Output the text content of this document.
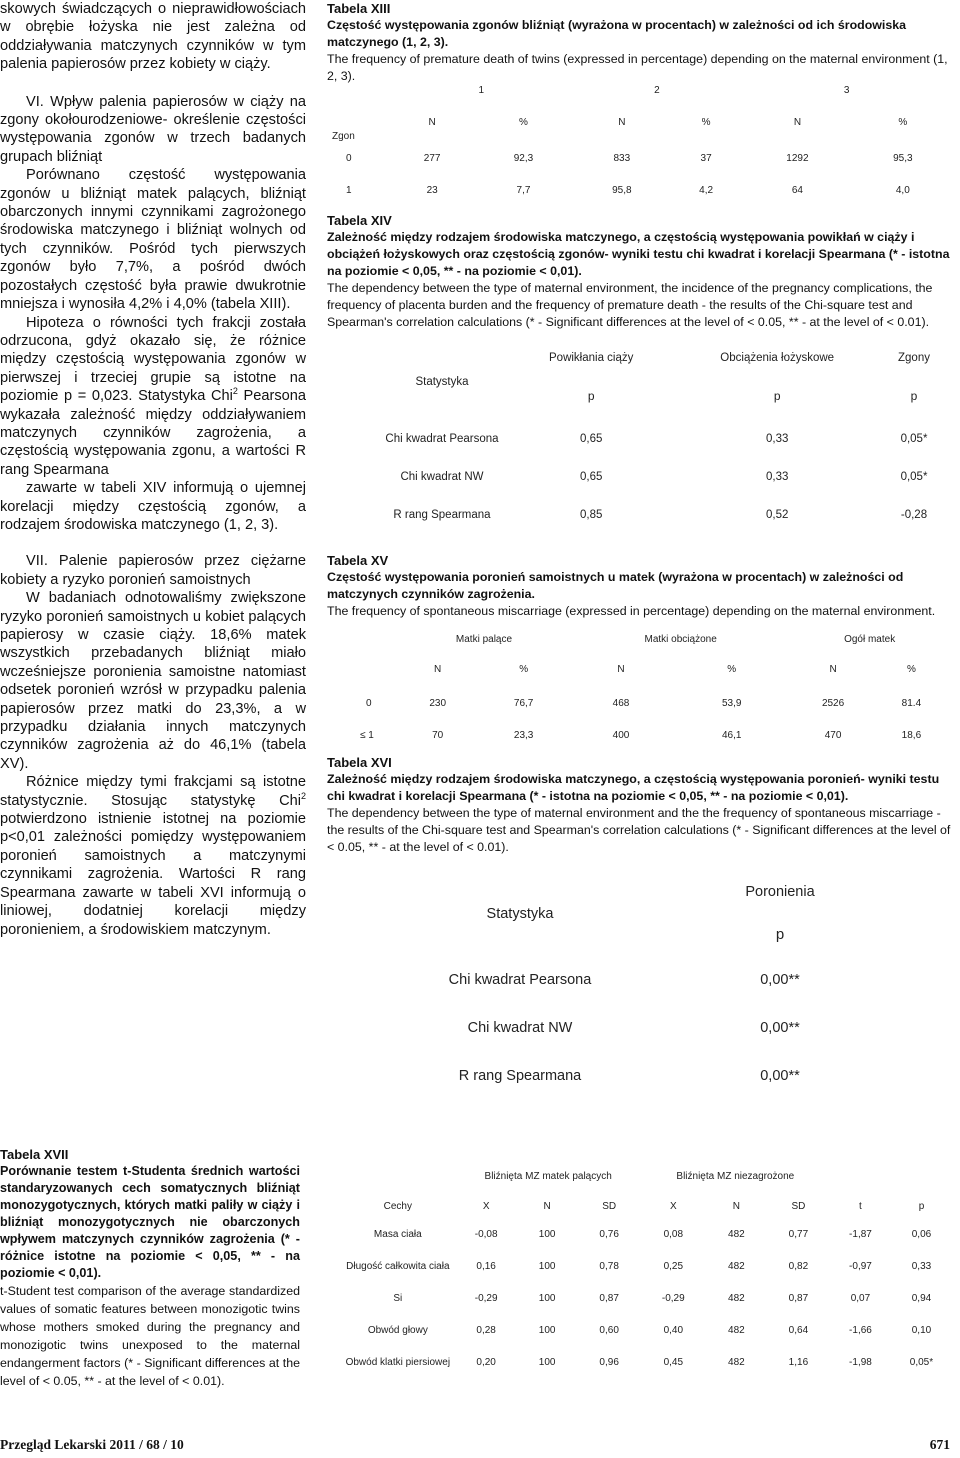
skowych świadczących o nieprawidłowościach w obrębie łożyska nie jest zależna od oddziaływania matczynych czynników w tym palenia papierosów przez kobiety w ciąży.

VI. Wpływ palenia papierosów w ciąży na zgony okołourodzeniowe- określenie częstości występowania zgonów w trzech badanych grupach bliźniąt

Porównano częstość występowania zgonów u bliźniąt matek palących, bliźniąt obarczonych innymi czynnikami zagrożonego środowiska matczynego i bliźniąt wolnych od tych czynników. Pośród tych pierwszych zgonów było 7,7%, a pośród dwóch pozostałych częstość była prawie dwukrotnie mniejsza i wynosiła 4,2% i 4,0% (tabela XIII).

Hipoteza o równości tych frakcji została odrzucona, gdyż okazało się, że różnice między częstością występowania zgonów w pierwszej i trzeciej grupie są istotne na poziomie p = 0,023. Statystyka Chi$^2$ Pearsona wykazała zależność między oddziaływaniem matczynych czynników zagrożenia, a częstością występowania zgonu, a wartości R rang Spearmana

zawarte w tabeli XIV informują o ujemnej korelacji między częstością zgonów, a rodzajem środowiska matczynego (1, 2, 3).

VII. Palenie papierosów przez ciężarne kobiety a ryzyko poronień samoistnych

W badaniach odnotowaliśmy zwiększone ryzyko poronień samoistnych u kobiet palących papierosy w czasie ciąży. 18,6% matek wszystkich przebadanych bliźniąt miało wcześniejsze poronienia samoistne natomiast odsetek poronień wzrósł w przypadku palenia papierosów przez matki do 23,3%, a w przypadku działania innych matczynych czynników zagrożenia aż do 46,1% (tabela XV).

Różnice między tymi frakcjami są istotne statystycznie. Stosując statystykę Chi$^2$ potwierdzono istnienie istotnej na poziomie p<0,01 zależności pomiędzy występowaniem poronień samoistnych a matczynymi czynnikami zagrożenia. Wartości R rang Spearmana zawarte w tabeli XVI informują o liniowej, dodatniej korelacji między poronieniem, a środowiskiem matczynym.

Tabela XIII
Częstość występowania zgonów bliźniąt (wyrażona w procentach) w zależności od ich środowiska matczynego (1, 2, 3).
The frequency of premature death of twins (expressed in percentage) depending on the maternal environment (1, 2, 3).
Zgon	1		2		3	
	N	%	N	%	N	%
0	277	92,3	833	37	1292	95,3
1	23	7,7	95,8	4,2	64	4,0
Tabela XIV
Zależność między rodzajem środowiska matczynego, a częstością występowania powikłań w ciąży i obciążeń łożyskowych oraz częstością zgonów- wyniki testu chi kwadrat i korelacji Spearmana (* - istotna na poziomie < 0,05, ** - na poziomie < 0,01).
The dependency between the type of maternal environment, the incidence of the pregnancy complications, the frequency of placenta burden and the frequency of premature death - the results of the Chi-square test and Spearman's correlation calculations (* - Significant differences at the level of < 0.05, ** - at the level of < 0.01).
Statystyka	Powikłania ciąży	Obciążenia łożyskowe	Zgony
	p	p	p
Chi kwadrat Pearsona	0,65	0,33	0,05*
Chi kwadrat NW	0,65	0,33	0,05*
R rang Spearmana	0,85	0,52	-0,28
Tabela XV
Częstość występowania poronień samoistnych u matek (wyrażona w procentach) w zależności od matczynych czynników zagrożenia.
The frequency of spontaneous miscarriage (expressed in percentage) depending on the maternal environment.
	Matki palące		Matki obciążone		Ogół matek	
	N	%	N	%	N	%
0	230	76,7	468	53,9	2526	81.4
≤ 1	70	23,3	400	46,1	470	18,6
Tabela XVI
Zależność między rodzajem środowiska matczynego, a częstością występowania poronień- wyniki testu chi kwadrat i korelacji Spearmana (* - istotna na poziomie < 0,05, ** - na poziomie < 0,01).
The dependency between the type of maternal environment and the the frequency of spontaneous miscarriage - the results of the Chi-square test and Spearman's correlation calculations (* - Significant differences at the level of < 0.05, ** - at the level of < 0.01).
Statystyka	Poronienia
	p
Chi kwadrat Pearsona	0,00**
Chi kwadrat NW	0,00**
R rang Spearmana	0,00**
Tabela XVII
Porównanie testem t-Studenta średnich wartości standaryzowanych cech somatycznych bliźniąt monozygotycznych, których matki paliły w ciąży i bliźniąt monozygotycznych nie obarczonych wpływem matczynych czynników zagrożenia (* - różnice istotne na poziomie < 0,05, ** - na poziomie < 0,01).
t-Student test comparison of the average standardized values of somatic features between monozigotic twins whose mothers smoked during the pregnancy and monozigotic twins unexposed to the maternal endangerment factors (* - Significant differences at the level of < 0.05, ** - at the level of < 0.01).
	Bliźnięta MZ matek palących			Bliźnięta MZ niezagrożone				
Cechy	X	N	SD	X	N	SD	t	p
Masa ciała	-0,08	100	0,76	0,08	482	0,77	-1,87	0,06
Długość całkowita ciała	0,16	100	0,78	0,25	482	0,82	-0,97	0,33
Si	-0,29	100	0,87	-0,29	482	0,87	0,07	0,94
Obwód głowy	0,28	100	0,60	0,40	482	0,64	-1,66	0,10
Obwód klatki piersiowej	0,20	100	0,96	0,45	482	1,16	-1,98	0,05*
Przegląd Lekarski 2011 / 68 / 10	671
